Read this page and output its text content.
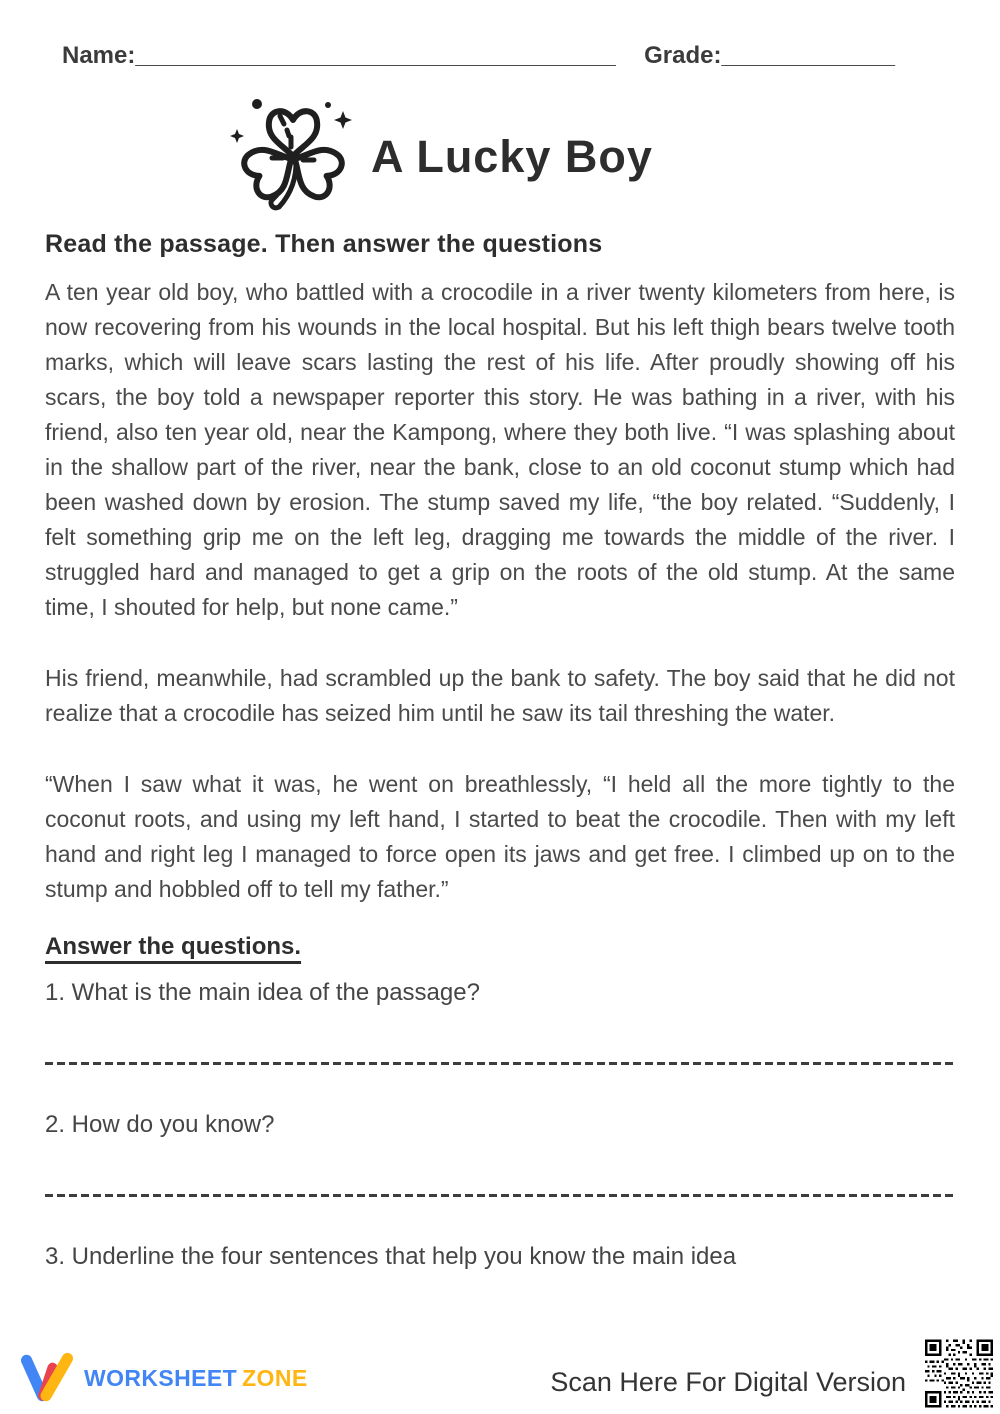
Name:____________________________________ Grade:_____________
A Lucky Boy
Read the passage. Then answer the questions

A ten year old boy, who battled with a crocodile in a river twenty kilometers from here, is now recovering from his wounds in the local hospital. But his left thigh bears twelve tooth marks, which will leave scars lasting the rest of his life. After proudly showing off his scars, the boy told a newspaper reporter this story. He was bathing in a river, with his friend, also ten year old, near the Kampong, where they both live. “I was splashing about in the shallow part of the river, near the bank, close to an old coconut stump which had been washed down by erosion. The stump saved my life, “the boy related. “Suddenly, I felt something grip me on the left leg, dragging me towards the middle of the river. I struggled hard and managed to get a grip on the roots of the old stump. At the same time, I shouted for help, but none came.”

His friend, meanwhile, had scrambled up the bank to safety. The boy said that he did not realize that a crocodile has seized him until he saw its tail threshing the water.

“When I saw what it was, he went on breathlessly, “I held all the more tightly to the coconut roots, and using my left hand, I started to beat the crocodile. Then with my left hand and right leg I managed to force open its jaws and get free. I climbed up on to the stump and hobbled off to tell my father.”

Answer the questions.

1. What is the main idea of the passage?

2. How do you know?

3. Underline the four sentences that help you know the main idea

WORKSHEET ZONE	Scan Here For Digital Version
